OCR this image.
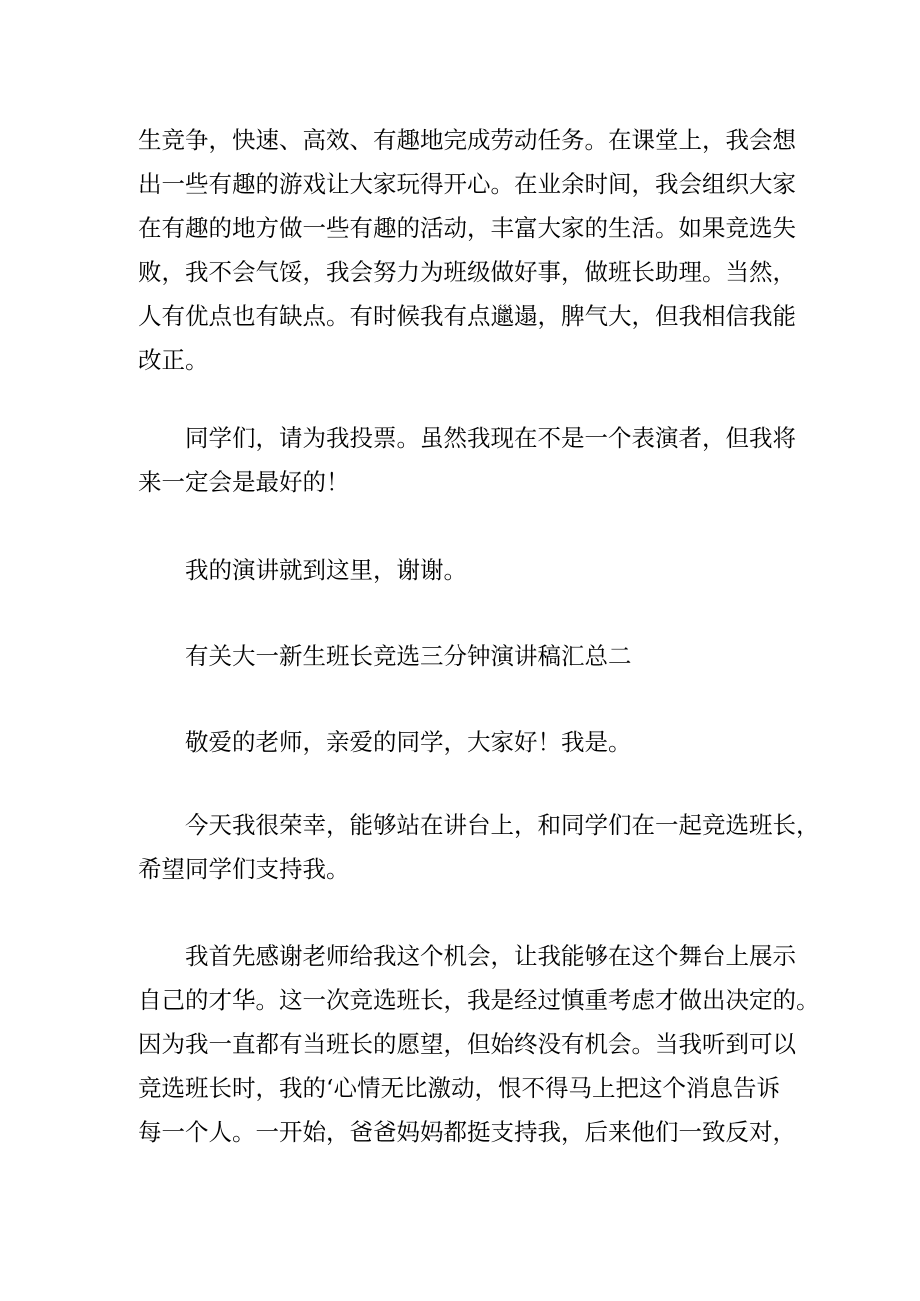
生竞争，快速、高效、有趣地完成劳动任务。在课堂上，我会想
出一些有趣的游戏让大家玩得开心。在业余时间，我会组织大家
在有趣的地方做一些有趣的活动，丰富大家的生活。如果竞选失
败，我不会气馁，我会努力为班级做好事，做班长助理。当然，
人有优点也有缺点。有时候我有点邋遢，脾气大，但我相信我能
改正。
同学们，请为我投票。虽然我现在不是一个表演者，但我将
来一定会是最好的！
我的演讲就到这里，谢谢。
有关大一新生班长竞选三分钟演讲稿汇总二
敬爱的老师，亲爱的同学，大家好！我是。
今天我很荣幸，能够站在讲台上，和同学们在一起竞选班长，
希望同学们支持我。
我首先感谢老师给我这个机会，让我能够在这个舞台上展示
自己的才华。这一次竞选班长，我是经过慎重考虑才做出决定的。
因为我一直都有当班长的愿望，但始终没有机会。当我听到可以
竞选班长时，我的‘心情无比激动，恨不得马上把这个消息告诉
每一个人。一开始，爸爸妈妈都挺支持我，后来他们一致反对，
